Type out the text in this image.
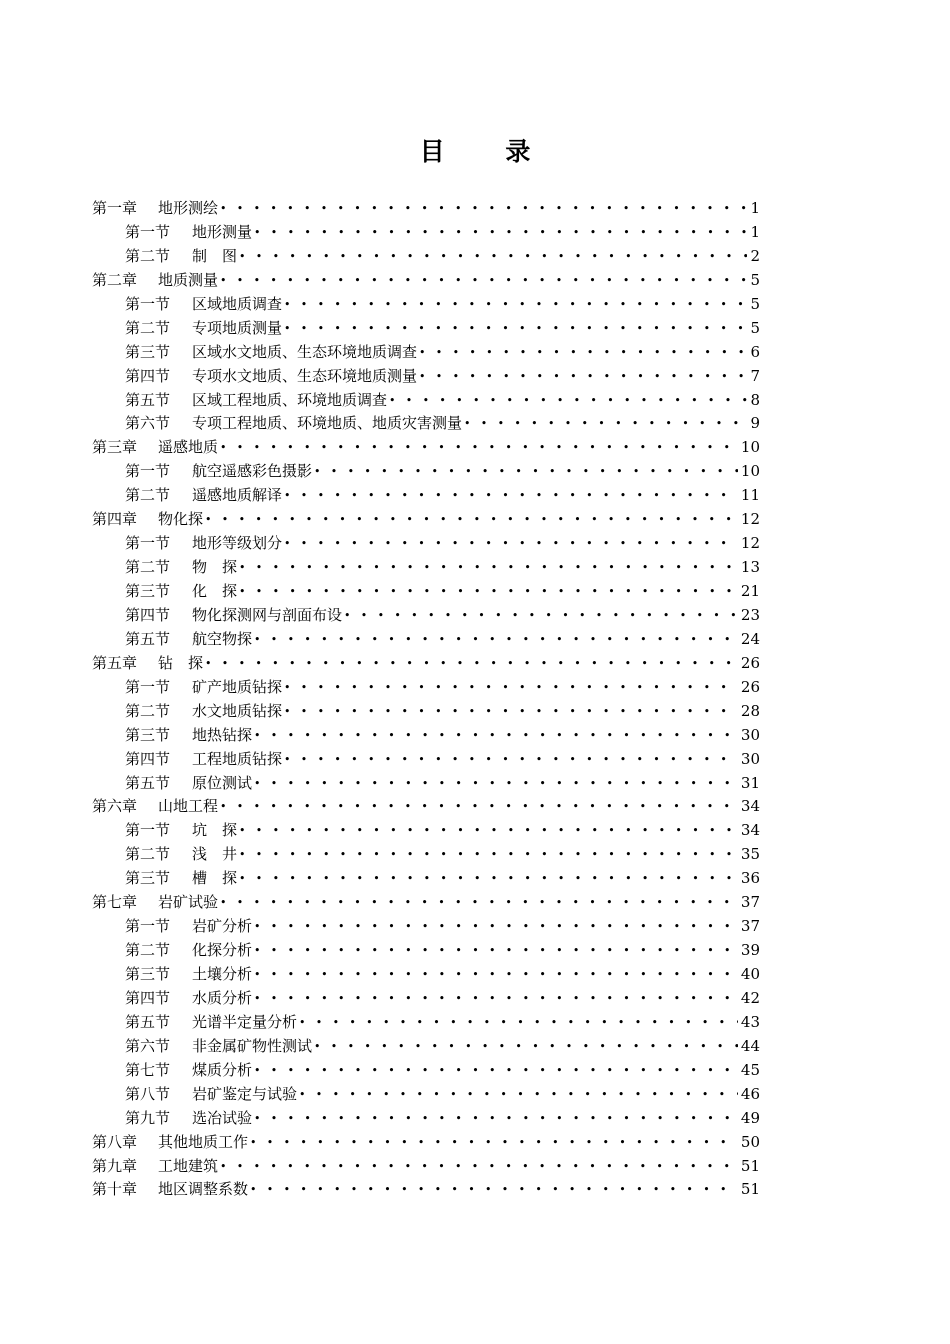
目 录
第一章	地形测绘 • • •	1
第一节	地形测量 • • •	1
第二节	制　图 • • •	2
第二章	地质测量 • • •	5
第一节	区域地质调查 • • •	5
第二节	专项地质测量 • • •	5
第三节	区域水文地质、生态环境地质调查 • • •	6
第四节	专项水文地质、生态环境地质测量 • • •	7
第五节	区域工程地质、环境地质调查 • • •	8
第六节	专项工程地质、环境地质、地质灾害测量 • • •	9
第三章	遥感地质 • • •	10
第一节	航空遥感彩色摄影 • • •	10
第二节	遥感地质解译 • • •	11
第四章	物化探 • • •	12
第一节	地形等级划分 • • •	12
第二节	物　探 • • •	13
第三节	化　探 • • •	21
第四节	物化探测网与剖面布设 • • •	23
第五节	航空物探 • • •	24
第五章	钻　探 • • •	26
第一节	矿产地质钻探 • • •	26
第二节	水文地质钻探 • • •	28
第三节	地热钻探 • • •	30
第四节	工程地质钻探 • • •	30
第五节	原位测试 • • •	31
第六章	山地工程 • • •	34
第一节	坑　探 • • •	34
第二节	浅　井 • • •	35
第三节	槽　探 • • •	36
第七章	岩矿试验 • • •	37
第一节	岩矿分析 • • •	37
第二节	化探分析 • • •	39
第三节	土壤分析 • • •	40
第四节	水质分析 • • •	42
第五节	光谱半定量分析 • • •	43
第六节	非金属矿物性测试 • • •	44
第七节	煤质分析 • • •	45
第八节	岩矿鉴定与试验 • • •	46
第九节	选冶试验 • • •	49
第八章	其他地质工作 • • •	50
第九章	工地建筑 • • •	51
第十章	地区调整系数 • • •	51
